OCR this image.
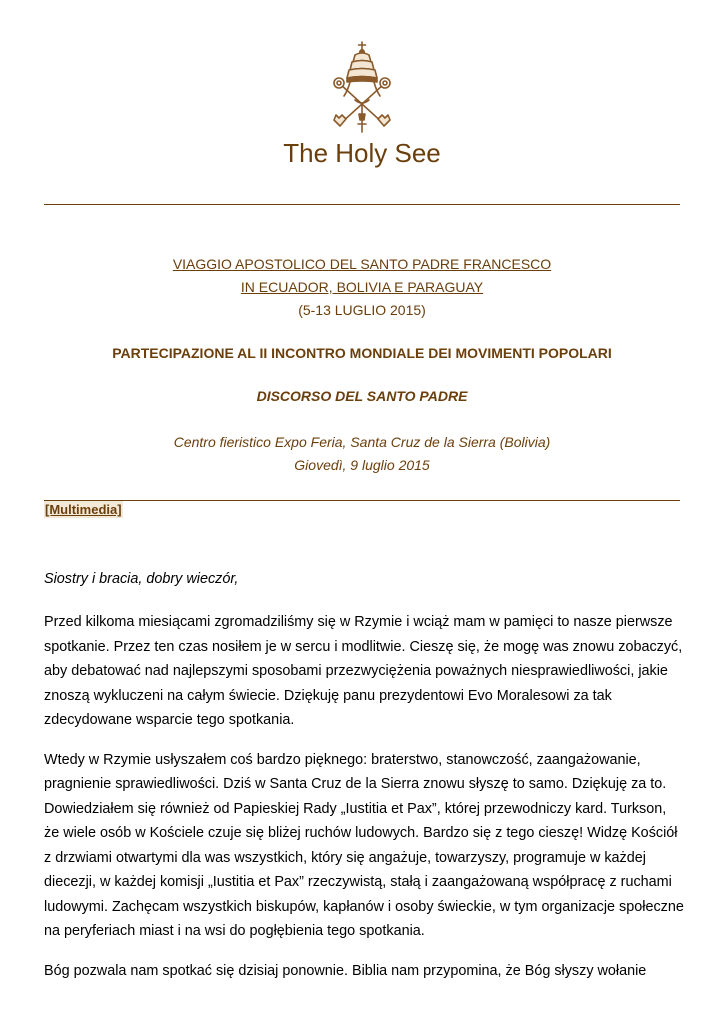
The Holy See
VIAGGIO APOSTOLICO DEL SANTO PADRE FRANCESCO
IN ECUADOR, BOLIVIA E PARAGUAY
(5-13 LUGLIO 2015)
PARTECIPAZIONE AL II INCONTRO MONDIALE DEI MOVIMENTI POPOLARI
DISCORSO DEL SANTO PADRE
Centro fieristico Expo Feria, Santa Cruz de la Sierra (Bolivia)
Giovedì, 9 luglio 2015
[Multimedia]
Siostry i bracia, dobry wieczór,

Przed kilkoma miesiącami zgromadziliśmy się w Rzymie i wciąż mam w pamięci to nasze pierwsze spotkanie. Przez ten czas nosiłem je w sercu i modlitwie. Cieszę się, że mogę was znowu zobaczyć, aby debatować nad najlepszymi sposobami przezwyciężenia poważnych niesprawiedliwości, jakie znoszą wykluczeni na całym świecie. Dziękuję panu prezydentowi Evo Moralesowi za tak zdecydowane wsparcie tego spotkania.

Wtedy w Rzymie usłyszałem coś bardzo pięknego: braterstwo, stanowczość, zaangażowanie, pragnienie sprawiedliwości. Dziś w Santa Cruz de la Sierra znowu słyszę to samo. Dziękuję za to. Dowiedziałem się również od Papieskiej Rady „Iustitia et Pax”, której przewodniczy kard. Turkson, że wiele osób w Kościele czuje się bliżej ruchów ludowych. Bardzo się z tego cieszę! Widzę Kościół z drzwiami otwartymi dla was wszystkich, który się angażuje, towarzyszy, programuje w każdej diecezji, w każdej komisji „Iustitia et Pax” rzeczywistą, stałą i zaangażowaną współpracę z ruchami ludowymi. Zachęcam wszystkich biskupów, kapłanów i osoby świeckie, w tym organizacje społeczne na peryferiach miast i na wsi do pogłębienia tego spotkania.

Bóg pozwala nam spotkać się dzisiaj ponownie. Biblia nam przypomina, że Bóg słyszy wołanie
